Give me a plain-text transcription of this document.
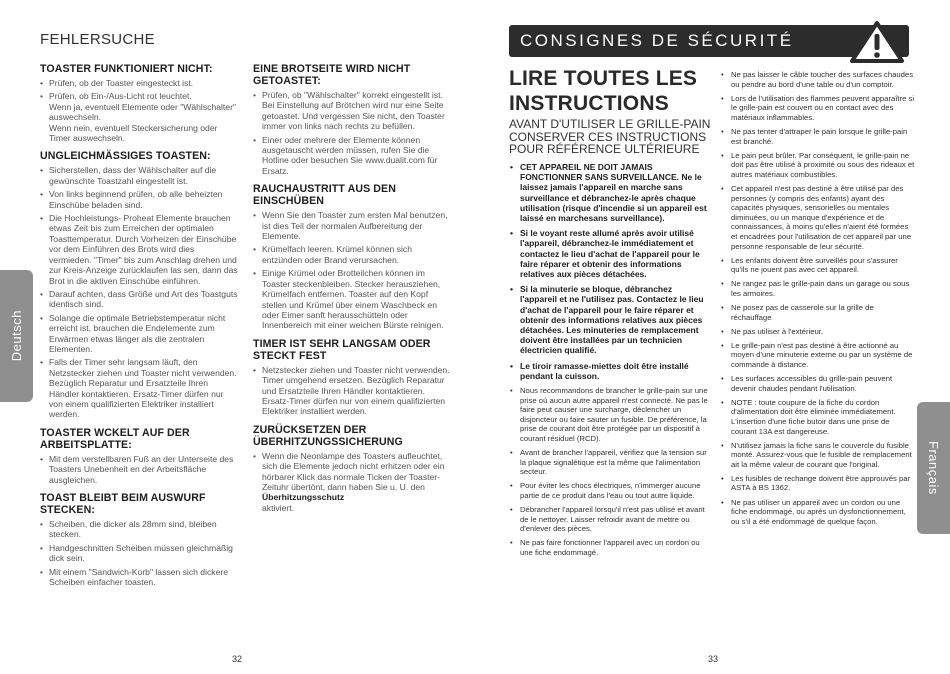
FEHLERSUCHE
TOASTER FUNKTIONIERT NICHT:
• Prüfen, ob der Toaster eingesteckt ist.
• Prüfen, ob Ein-/Aus-Licht rot leuchtet.
Wenn ja, eventuell Elemente oder "Wählschalter" auswechseln.
Wenn nein, eventuell Steckersicherung oder Timer auswechseln.
UNGLEICHMÄSSIGES TOASTEN:
• Sicherstellen, dass der Wählschalter auf die gewünschte Toastzahl eingestellt ist.
• Von links beginnend prüfen, ob alle beheizten Einschübe beladen sind.
• Die Hochleistungs- Proheat Elemente brauchen etwas Zeit bis zum Erreichen der optimalen Toasttemperatur. Durch Vorheizen der Einschübe vor dem Einführen des Brots wird dies vermieden. "Timer" bis zum Anschlag drehen und zur Kreis-Anzeige zurücklaufen las sen, dann das Brot in die aktiven Einschübe einführen.
• Darauf achten, dass Größe und Art des Toastguts identisch sind.
• Solange die optimale Betriebstemperatur nicht erreicht ist, brauchen die Endelemente zum Erwärmen etwas länger als die zentralen Elementen.
• Falls der Timer sehr langsam läuft, den Netzstecker ziehen und Toaster nicht verwenden. Bezüglich Reparatur und Ersatzteile Ihren Händler kontaktieren. Ersatz-Timer dürfen nur von einem qualifizierten Elektriker installiert werden.
TOASTER WCKELT AUF DER ARBEITSPLATTE:
• Mit dem verstellbaren Fuß an der Unterseite des Toasters Unebenheit en der Arbeitsfläche ausgleichen.
TOAST BLEIBT BEIM AUSWURF STECKEN:
• Scheiben, die dicker als 28mm sind, bleiben stecken.
• Handgeschnitten Scheiben müssen gleichmäßig dick sein.
• Mit einem "Sandwich-Korb" lassen sich dickere Scheiben einfacher toasten.
EINE BROTSEITE WIRD NICHT GETOASTET:
• Prüfen, ob "Wählschalter" korrekt eingestellt ist. Bei Einstellung auf Brötchen wird nur eine Seite getoastet. Und vergessen Sie nicht, den Toaster immer von links nach rechts zu befüllen.
• Einer oder mehrere der Elemente können ausgetauscht werden müssen, rufen Sie die Hotline oder besuchen Sie www.dualit.com für Ersatz.
RAUCHAUSTRITT AUS DEN EINSCHÜBEN
• Wenn Sie den Toaster zum ersten Mal benutzen, ist dies Teil der normalen Aufbereitung der Elemente.
• Krümelfach leeren. Krümel können sich entzünden oder Brand verursachen.
• Einige Krümel oder Brotteilchen können im Toaster steckenbleiben. Stecker herausziehen, Krümelfach entfernen. Toaster auf den Kopf stellen und Krümel über einem Waschbeck en oder Eimer sanft herausschütteln oder Innenbereich mit einer weichen Bürste reinigen.
TIMER IST SEHR LANGSAM ODER STECKT FEST
• Netzstecker ziehen und Toaster nicht verwenden. Timer umgehend ersetzen. Bezüglich Reparatur und Ersatzteile Ihren Händler kontaktieren. Ersatz-Timer dürfen nur von einem qualifizierten Elektriker installiert werden.
ZURÜCKSETZEN DER ÜBERHITZUNGSSICHERUNG
• Wenn die Neonlampe des Toasters aufleuchtet, sich die Elemente jedoch nicht erhitzen oder ein hörbarer Klick das normale Ticken der Toaster-Zeituhr übertönt, dann haben Sie u. U. den Überhitzungsschutz
aktiviert.
Deutsch
32
CONSIGNES DE SÉCURITÉ
LIRE TOUTES LES INSTRUCTIONS
AVANT D'UTILISER LE GRILLE-PAIN CONSERVER CES INSTRUCTIONS POUR RÉFÉRENCE ULTÉRIEURE
• CET APPAREIL NE DOIT JAMAIS FONCTIONNER SANS SURVEILLANCE. Ne le laissez jamais l'appareil en marche sans surveillance et débranchez-le après chaque utilisation (risque d'incendie si un appareil est laissé en marchesans surveillance).
• Si le voyant reste allumé après avoir utilisé l'appareil, débranchez-le immédiatement et contactez le lieu d'achat de l'appareil pour le faire réparer et obtenir des informations relatives aux pièces détachées.
• Si la minuterie se bloque, débranchez l'appareil et ne l'utilisez pas. Contactez le lieu d'achat de l'appareil pour le faire réparer et obtenir des informations relatives aux pièces détachées. Les minuteries de remplacement doivent être installées par un technicien électricien qualifié.
• Le tiroir ramasse-miettes doit être installé pendant la cuisson.
• Nous recommandons de brancher le grille-pain sur une prise où aucun autre appareil n'est connecté. Ne pas le faire peut causer une surcharge, déclencher un disjoncteur ou faire sauter un fusible. De préférence, la prise de courant doit être protégée par un dispositif à courant résiduel (RCD).
• Avant de brancher l'appareil, vérifiez que la tension sur la plaque signalétique est la même que l'alimentation secteur.
• Pour éviter les chocs électriques, n'immerger aucune partie de ce produit dans l'eau ou tout autre liquide.
• Débrancher l'appareil lorsqu'il n'est pas utilisé et avant de le nettoyer. Laisser refroidir avant de mettre ou d'enlever des pièces.
• Ne pas faire fonctionner l'appareil avec un cordon ou une fiche endommagé.
• Ne pas laisser le câble toucher des surfaces chaudes ou pendre au bord d'une table ou d'un comptoir.
• Lors de l'utilisation des flammes peuvent apparaître si le grille-pain est couvert ou en contact avec des matériaux inflammables.
• Ne pas tenter d'attraper le pain lorsque le grille-pain est branché.
• Le pain peut brûler. Par conséquent, le grille-pain ne doit pas être utilisé à proximité ou sous des rideaux et autres matériaux combustibles.
• Cet appareil n'est pas destiné à être utilisé par des personnes (y compris des enfants) ayant des capacités physiques, sensorielles ou mentales diminuées, ou un manque d'expérience et de connaissances, à moins qu'elles n'aient été formées et encadrées pour l'utilisation de cet appareil par une personne responsable de leur sécurité.
• Les enfants doivent être surveillés pour s'assurer qu'ils ne jouent pas avec cet appareil.
• Ne rangez pas le grille-pain dans un garage ou sous les armoires.
• Ne posez pas de casserole sur la grille de réchauffage
• Ne pas utiliser à l'extérieur.
• Le grille-pain n'est pas destiné à être actionné au moyen d'une minuterie externe ou par un système de commande à distance.
• Les surfaces accessibles du grille-pain peuvent devenir chaudes pendant l'utilisation.
• NOTE : toute coupure de la fiche du cordon d'alimentation doit être éliminée immédiatement. L'insertion d'une fiche butoir dans une prise de courant 13A est dangereuse.
• N'utilisez jamais la fiche sans le couvercle du fusible monté. Assurez-vous que le fusible de remplacement ait la même valeur de courant que l'original.
• Les fusibles de rechange doivent être approuvés par ASTA à BS 1362.
• Ne pas utiliser un appareil avec un cordon ou une fiche endommagé, ou après un dysfonctionnement, ou s'il a été endommagé de quelque façon.
Français
33
